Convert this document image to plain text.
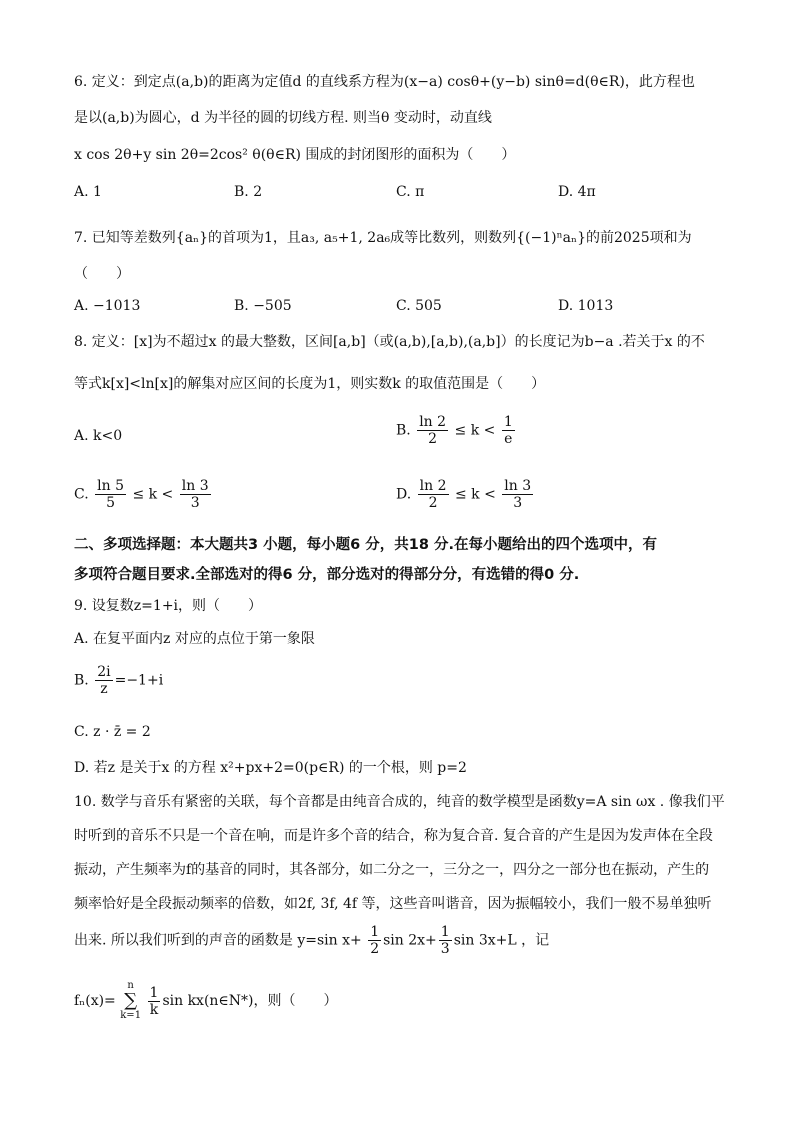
6. 定义：到定点(a,b)的距离为定值d 的直线系方程为(x−a) cosθ+(y−b) sinθ=d(θ∈R)，此方程也
是以(a,b)为圆心，d 为半径的圆的切线方程. 则当θ 变动时，动直线
x cos 2θ+y sin 2θ=2cos² θ(θ∈R) 围成的封闭图形的面积为（　　）
A. 1	B. 2	C. π	D. 4π
7. 已知等差数列{aₙ}的首项为1，且a₃, a₅+1, 2a₆成等比数列，则数列{(−1)ⁿaₙ}的前2025项和为
（　　）
A. −1013	B. −505	C. 505	D. 1013
8. 定义：[x]为不超过x 的最大整数，区间[a,b]（或(a,b),[a,b),(a,b]）的长度记为b−a .若关于x 的不
等式k[x]<ln[x]的解集对应区间的长度为1，则实数k 的取值范围是（　　）
A. k<0	B. $\frac{\ln 2}{2} \le k < \frac{1}{e}$
C. $\frac{\ln 5}{5} \le k < \frac{\ln 3}{3}$	D. $\frac{\ln 2}{2} \le k < \frac{\ln 3}{3}$
二、多项选择题：本大题共3 小题，每小题6 分，共18 分.在每小题给出的四个选项中，有
多项符合题目要求.全部选对的得6 分，部分选对的得部分分，有选错的得0 分.
9. 设复数z=1+i，则（　　）
A. 在复平面内z 对应的点位于第一象限
B. $\frac{2i}{z} =-1+i$
C. z · z̄ = 2
D. 若z 是关于x 的方程 x²+px+2=0(p∈R) 的一个根，则 p=2
10. 数学与音乐有紧密的关联，每个音都是由纯音合成的，纯音的数学模型是函数y=A sin ωx . 像我们平
时听到的音乐不只是一个音在响，而是许多个音的结合，称为复合音. 复合音的产生是因为发声体在全段
振动，产生频率为f的基音的同时，其各部分，如二分之一，三分之一，四分之一部分也在振动，产生的
频率恰好是全段振动频率的倍数，如2f, 3f, 4f 等，这些音叫谐音，因为振幅较小，我们一般不易单独听
出来. 所以我们听到的声音的函数是 y=sin $x+ \frac{1}{2}$ $\sin 2x+ \frac{1}{3}$ sin 3x+L ，记
fₙ(x)=
n
∑
k=1
$\frac{1}{k}$ sin kx(n∈N*)，则（　　）
